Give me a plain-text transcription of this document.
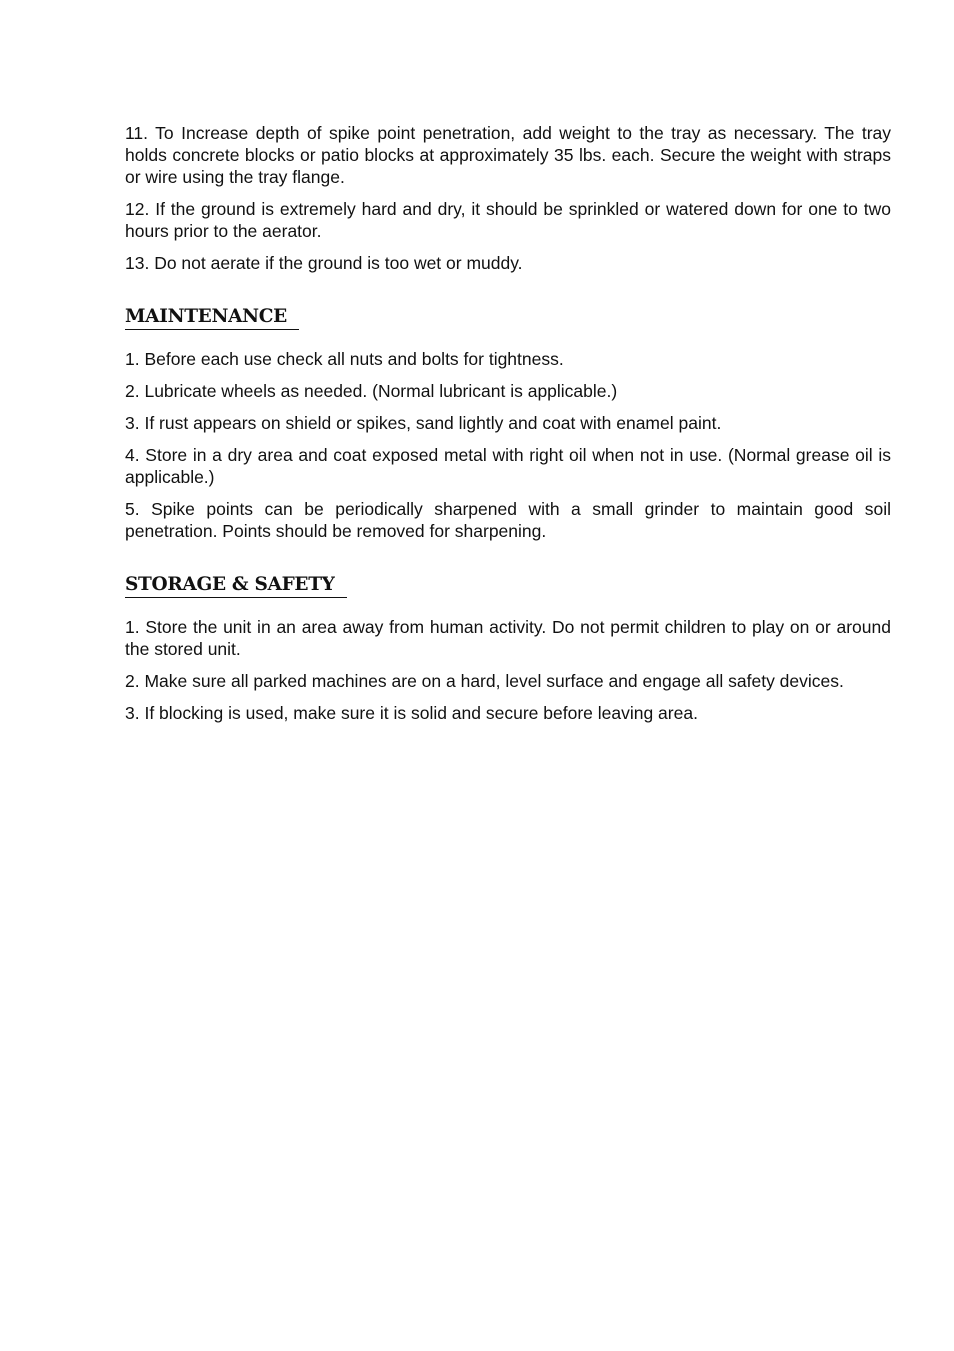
11. To Increase depth of spike point penetration, add weight to the tray as necessary. The tray holds concrete blocks or patio blocks at approximately 35 lbs. each. Secure the weight with straps or wire using the tray flange.

12. If the ground is extremely hard and dry, it should be sprinkled or watered down for one to two hours prior to the aerator.

13. Do not aerate if the ground is too wet or muddy.

MAINTENANCE

1. Before each use check all nuts and bolts for tightness.

2. Lubricate wheels as needed. (Normal lubricant is applicable.)

3. If rust appears on shield or spikes, sand lightly and coat with enamel paint.

4. Store in a dry area and coat exposed metal with right oil when not in use. (Normal grease oil is applicable.)

5. Spike points can be periodically sharpened with a small grinder to maintain good soil penetration. Points should be removed for sharpening.

STORAGE & SAFETY

1. Store the unit in an area away from human activity. Do not permit children to play on or around the stored unit.

2. Make sure all parked machines are on a hard, level surface and engage all safety devices.

3. If blocking is used, make sure it is solid and secure before leaving area.
